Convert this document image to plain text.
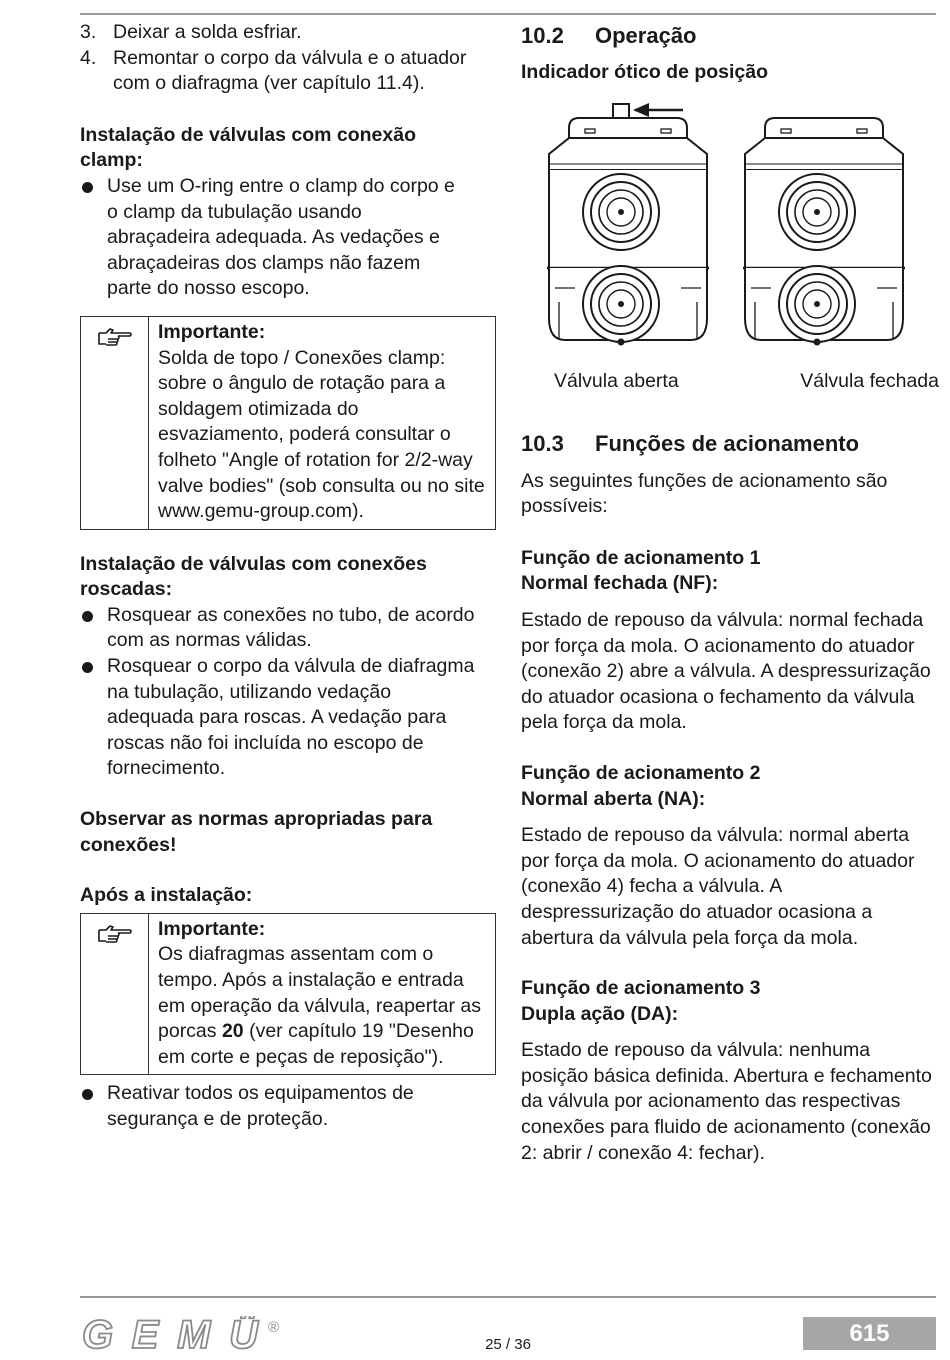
3. Deixar a solda esfriar.
4. Remontar o corpo da válvula e o atuador com o diafragma (ver capítulo 11.4).

Instalação de válvulas com conexão clamp:

Use um O-ring entre o clamp do corpo e o clamp da tubulação usando abraçadeira adequada. As vedações e abraçadeiras dos clamps não fazem parte do nosso escopo.

Importante:

Solda de topo / Conexões clamp: sobre o ângulo de rotação para a soldagem otimizada do esvaziamento, poderá consultar o folheto "Angle of rotation for 2/2-way valve bodies" (sob consulta ou no site www.gemu-group.com).

Instalação de válvulas com conexões roscadas:

Rosquear as conexões no tubo, de acordo com as normas válidas.
Rosquear o corpo da válvula de diafragma na tubulação, utilizando vedação adequada para roscas. A vedação para roscas não foi incluída no escopo de fornecimento.

Observar as normas apropriadas para conexões!

Após a instalação:

Importante:

Os diafragmas assentam com o tempo. Após a instalação e entrada em operação da válvula, reapertar as porcas 20 (ver capítulo 19 "Desenho em corte e peças de reposição").

Reativar todos os equipamentos de segurança e de proteção.
10.2 Operação

Indicador ótico de posição

Válvula aberta	Válvula fechada
10.3 Funções de acionamento

As seguintes funções de acionamento são possíveis:

Função de acionamento 1

Normal fechada (NF):

Estado de repouso da válvula: normal fechada por força da mola. O acionamento do atuador (conexão 2) abre a válvula. A despressurização do atuador ocasiona o fechamento da válvula pela força da mola.

Função de acionamento 2

Normal aberta (NA):

Estado de repouso da válvula: normal aberta por força da mola. O acionamento do atuador (conexão 4) fecha a válvula. A despressurização do atuador ocasiona a abertura da válvula pela força da mola.

Função de acionamento 3

Dupla ação (DA):

Estado de repouso da válvula: nenhuma posição básica definida. Abertura e fechamento da válvula por acionamento das respectivas conexões para fluido de acionamento (conexão 2: abrir / conexão 4: fechar).

GEMÜ ®
25 / 36	615
